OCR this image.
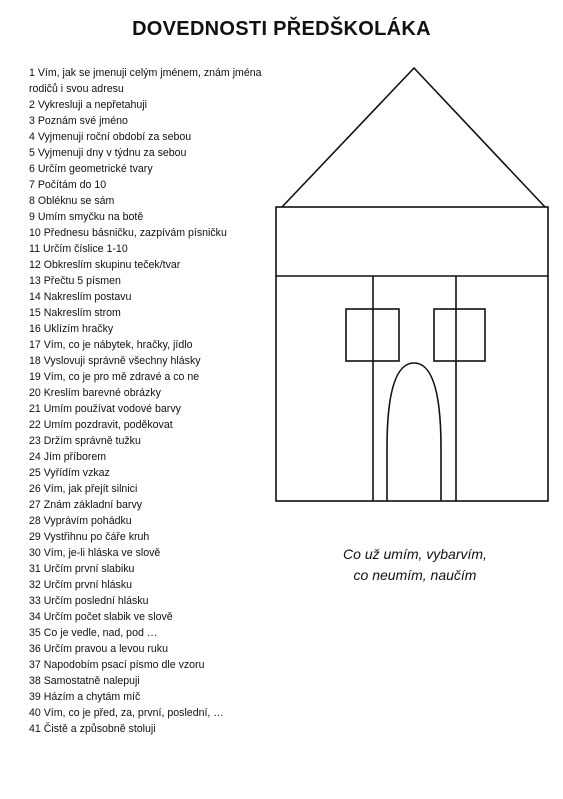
DOVEDNOSTI PŘEDŠKOLÁKA
1 Vím, jak se jmenuji celým jménem, znám jména rodičů i svou adresu
2 Vykresluji a nepřetahuji
3 Poznám své jméno
4 Vyjmenuji roční období za sebou
5 Vyjmenuji dny v týdnu za sebou
6 Určím geometrické tvary
7 Počítám do 10
8 Obléknu se sám
9 Umím smyčku na botě
10 Přednesu básničku, zazpívám písničku
11 Určím číslice 1-10
12 Obkreslím skupinu teček/tvar
13 Přečtu 5 písmen
14 Nakreslím postavu
15 Nakreslím strom
16 Uklízím hračky
17 Vím, co je nábytek, hračky, jídlo
18 Vyslovuji správně všechny hlásky
19 Vím, co je pro mě zdravé a co ne
20 Kreslím barevné obrázky
21 Umím používat vodové barvy
22 Umím pozdravit, poděkovat
23 Držím správně tužku
24 Jím příborem
25 Vyřídím vzkaz
26 Vím, jak přejít silnici
27 Znám základní barvy
28 Vyprávím pohádku
29 Vystřihnu po čáře kruh
30 Vím, je-li hláska ve slově
31 Určím první slabiku
32 Určím první hlásku
33 Určím poslední hlásku
34 Určím počet slabik ve slově
35 Co je vedle, nad, pod …
36 Určím pravou a levou ruku
37 Napodobím psací písmo dle vzoru
38 Samostatně nalepuji
39 Házím a chytám míč
40 Vím, co je před, za, první, poslední, …
41 Čistě a způsobně stoluji
Co už umím, vybarvím,
co neumím, naučím
